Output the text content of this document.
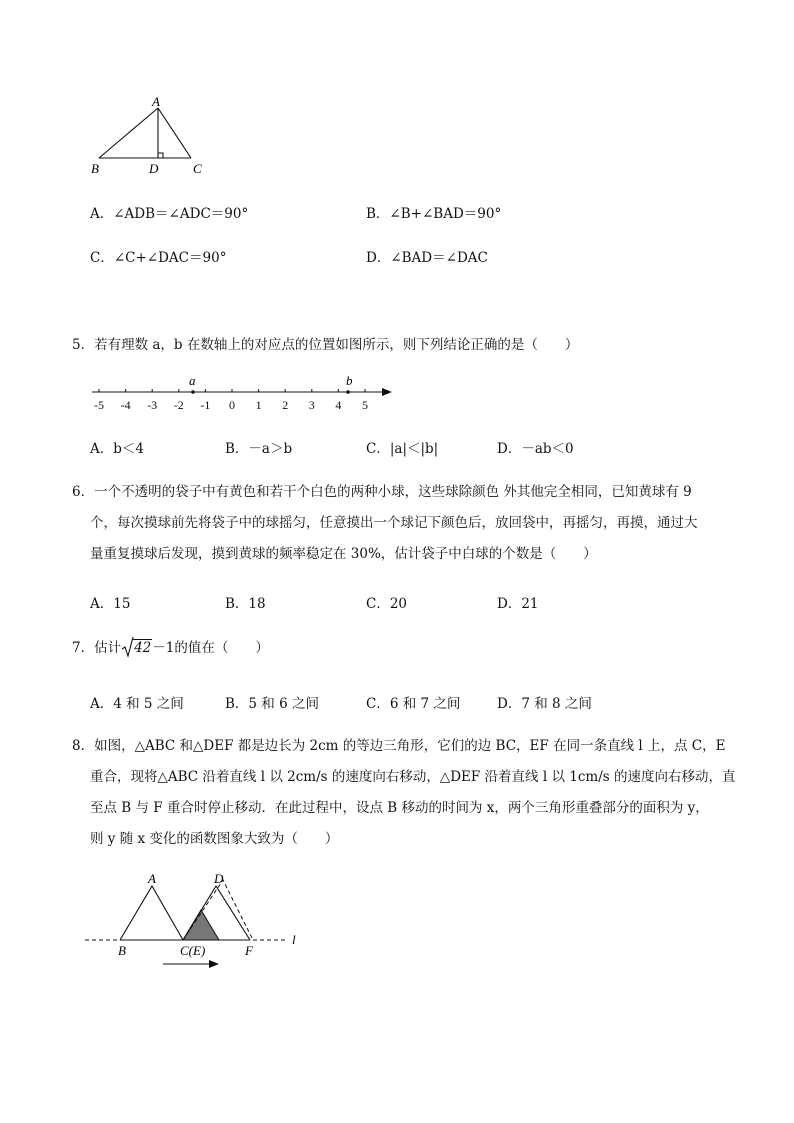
A
B	D	C
A．∠ADB＝∠ADC＝90°	B．∠B+∠BAD＝90°
C．∠C+∠DAC＝90°	D．∠BAD＝∠DAC
5．若有理数 a，b 在数轴上的对应点的位置如图所示，则下列结论正确的是（　　）
-5 -4 -3 -2 -1 0 1 2 3 4 5
a	b
A．b＜4	B．－a＞b	C．|a|＜|b|	D．－ab＜0
6．一个不透明的袋子中有黄色和若干个白色的两种小球，这些球除颜色 外其他完全相同，已知黄球有 9
个，每次摸球前先将袋子中的球摇匀，任意摸出一个球记下颜色后，放回袋中，再摇匀，再摸，通过大
量重复摸球后发现，摸到黄球的频率稳定在 30%，估计袋子中白球的个数是（　　）
A．15	B．18	C．20	D．21
7．估计 42－1的值在（　　）
A．4 和 5 之间	B．5 和 6 之间	C．6 和 7 之间	D．7 和 8 之间
8．如图，△ABC 和△DEF 都是边长为 2cm 的等边三角形，它们的边 BC，EF 在同一条直线 l 上，点 C，E
重合，现将△ABC 沿着直线 l 以 2cm/s 的速度向右移动，△DEF 沿着直线 l 以 1cm/s 的速度向右移动，直
至点 B 与 F 重合时停止移动．在此过程中，设点 B 移动的时间为 x，两个三角形重叠部分的面积为 y，
则 y 随 x 变化的函数图象大致为（　　）
A	D
B	C(E)	F
l
